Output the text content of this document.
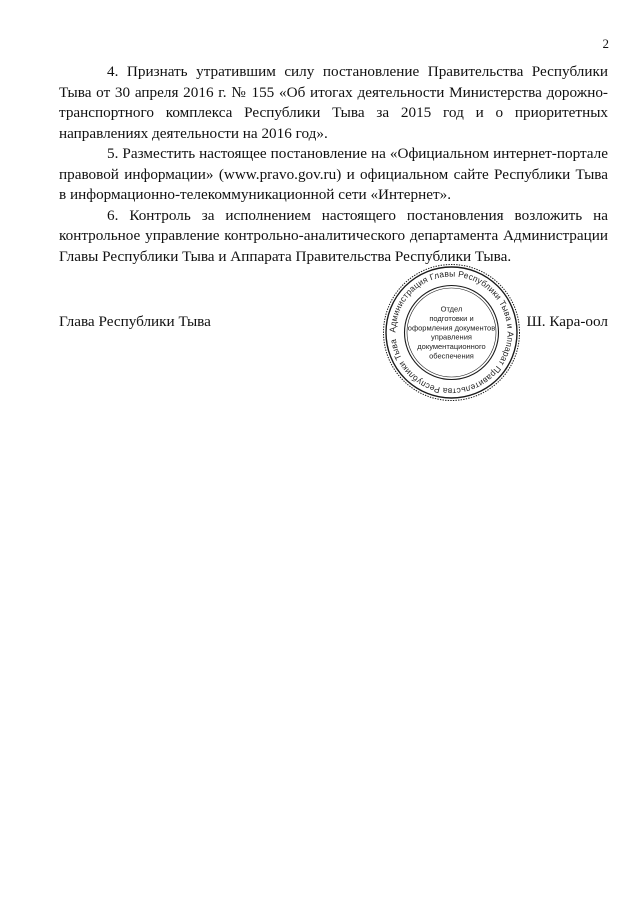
2

4. Признать утратившим силу постановление Правительства Республики Тыва от 30 апреля 2016 г. № 155 «Об итогах деятельности Министерства дорожно-транспортного комплекса Республики Тыва за 2015 год и о приоритетных направлениях деятельности на 2016 год».

5. Разместить настоящее постановление на «Официальном интернет-портале правовой информации» (www.pravo.gov.ru) и официальном сайте Республики Тыва в информационно-телекоммуникационной сети «Интернет».

6. Контроль за исполнением настоящего постановления возложить на контрольное управление контрольно-аналитического департамента Администрации Главы Республики Тыва и Аппарата Правительства Республики Тыва.

Глава Республики Тыва	Ш. Кара-оол
Администрация Главы Республики Тыва и Аппарат Правительства Республики Тыва
Отдел
подготовки и
оформления документов
управления
документационного
обеспечения
